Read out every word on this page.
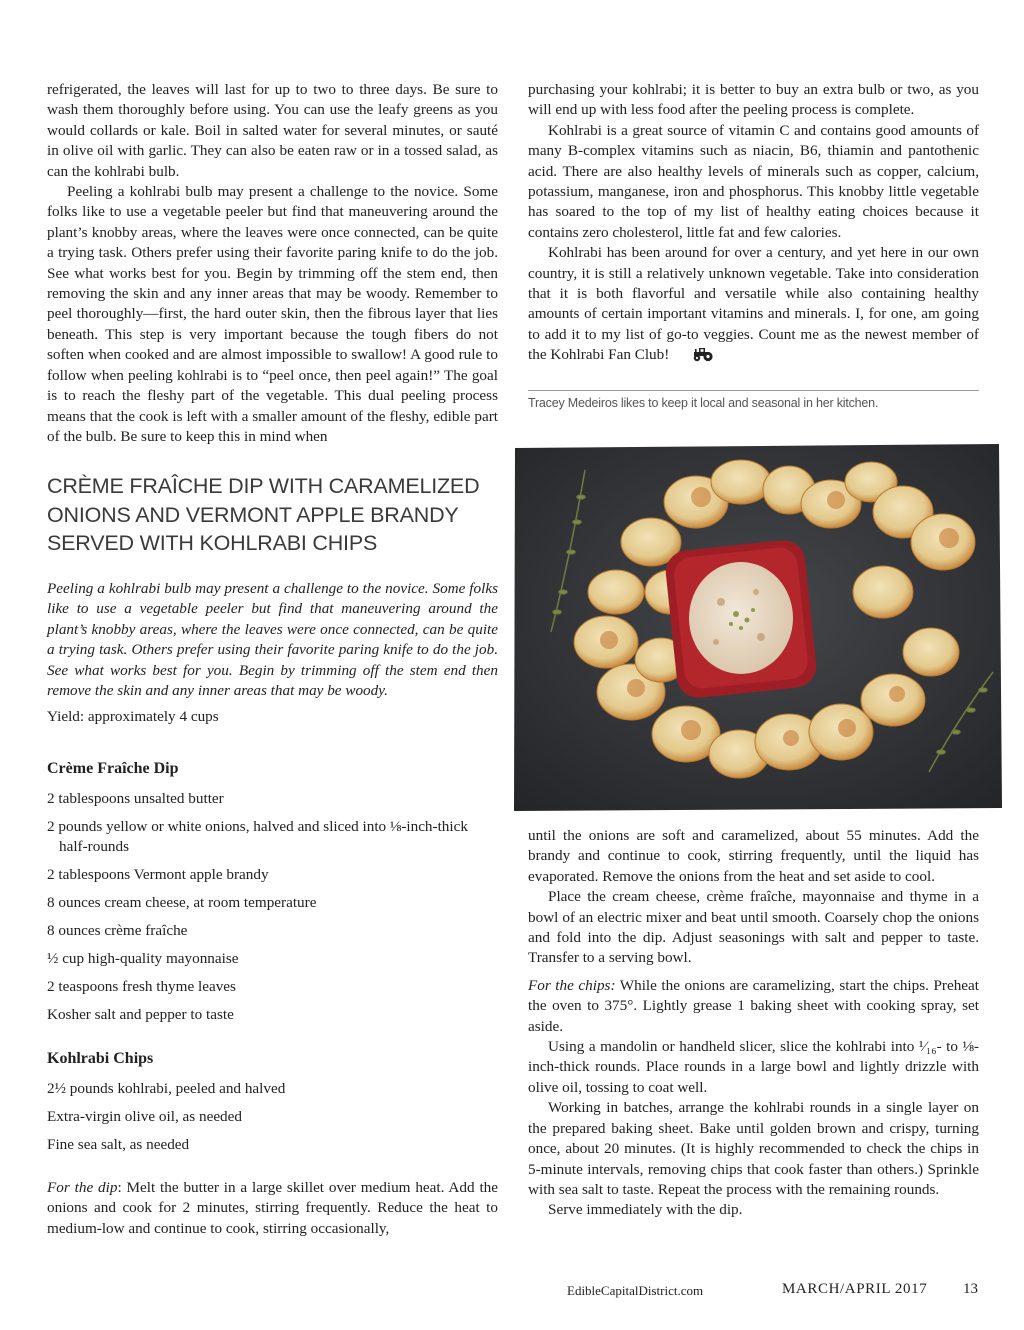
refrigerated, the leaves will last for up to two to three days. Be sure to wash them thoroughly before using. You can use the leafy greens as you would collards or kale. Boil in salted water for several minutes, or sauté in olive oil with garlic. They can also be eaten raw or in a tossed salad, as can the kohlrabi bulb.

Peeling a kohlrabi bulb may present a challenge to the novice. Some folks like to use a vegetable peeler but find that maneuvering around the plant’s knobby areas, where the leaves were once connected, can be quite a trying task. Others prefer using their favorite paring knife to do the job. See what works best for you. Begin by trimming off the stem end, then removing the skin and any inner areas that may be woody. Remember to peel thoroughly—first, the hard outer skin, then the fibrous layer that lies beneath. This step is very important because the tough fibers do not soften when cooked and are almost impossible to swallow! A good rule to follow when peeling kohlrabi is to “peel once, then peel again!” The goal is to reach the fleshy part of the vegetable. This dual peeling process means that the cook is left with a smaller amount of the fleshy, edible part of the bulb. Be sure to keep this in mind when

purchasing your kohlrabi; it is better to buy an extra bulb or two, as you will end up with less food after the peeling process is complete.

Kohlrabi is a great source of vitamin C and contains good amounts of many B-complex vitamins such as niacin, B6, thiamin and pantothenic acid. There are also healthy levels of minerals such as copper, calcium, potassium, manganese, iron and phosphorus. This knobby little vegetable has soared to the top of my list of healthy eating choices because it contains zero cholesterol, little fat and few calories.

Kohlrabi has been around for over a century, and yet here in our own country, it is still a relatively unknown vegetable. Take into consideration that it is both flavorful and versatile while also containing healthy amounts of certain important vitamins and minerals. I, for one, am going to add it to my list of go-to veggies. Count me as the newest member of the Kohlrabi Fan Club!

Tracey Medeiros likes to keep it local and seasonal in her kitchen.
CRÈME FRAÎCHE DIP WITH CARAMELIZED ONIONS AND VERMONT APPLE BRANDY SERVED WITH KOHLRABI CHIPS

Peeling a kohlrabi bulb may present a challenge to the novice. Some folks like to use a vegetable peeler but find that maneuvering around the plant’s knobby areas, where the leaves were once connected, can be quite a trying task. Others prefer using their favorite paring knife to do the job. See what works best for you. Begin by trimming off the stem end then remove the skin and any inner areas that may be woody.

Yield: approximately 4 cups

Crème Fraîche Dip

2 tablespoons unsalted butter
2 pounds yellow or white onions, halved and sliced into ⅛-inch-thick half-rounds
2 tablespoons Vermont apple brandy
8 ounces cream cheese, at room temperature
8 ounces crème fraîche
½ cup high-quality mayonnaise
2 teaspoons fresh thyme leaves
Kosher salt and pepper to taste

Kohlrabi Chips

2½ pounds kohlrabi, peeled and halved
Extra-virgin olive oil, as needed
Fine sea salt, as needed

For the dip: Melt the butter in a large skillet over medium heat. Add the onions and cook for 2 minutes, stirring frequently. Reduce the heat to medium-low and continue to cook, stirring occasionally,

until the onions are soft and caramelized, about 55 minutes. Add the brandy and continue to cook, stirring frequently, until the liquid has evaporated. Remove the onions from the heat and set aside to cool.

Place the cream cheese, crème fraîche, mayonnaise and thyme in a bowl of an electric mixer and beat until smooth. Coarsely chop the onions and fold into the dip. Adjust seasonings with salt and pepper to taste. Transfer to a serving bowl.

For the chips: While the onions are caramelizing, start the chips. Preheat the oven to 375°. Lightly grease 1 baking sheet with cooking spray, set aside.

Using a mandolin or handheld slicer, slice the kohlrabi into ¹⁄₁₆- to ⅛-inch-thick rounds. Place rounds in a large bowl and lightly drizzle with olive oil, tossing to coat well.

Working in batches, arrange the kohlrabi rounds in a single layer on the prepared baking sheet. Bake until golden brown and crispy, turning once, about 20 minutes. (It is highly recommended to check the chips in 5-minute intervals, removing chips that cook faster than others.) Sprinkle with sea salt to taste. Repeat the process with the remaining rounds.

Serve immediately with the dip.

EdibleCapitalDistrict.com	MARCH/APRIL 2017 13
